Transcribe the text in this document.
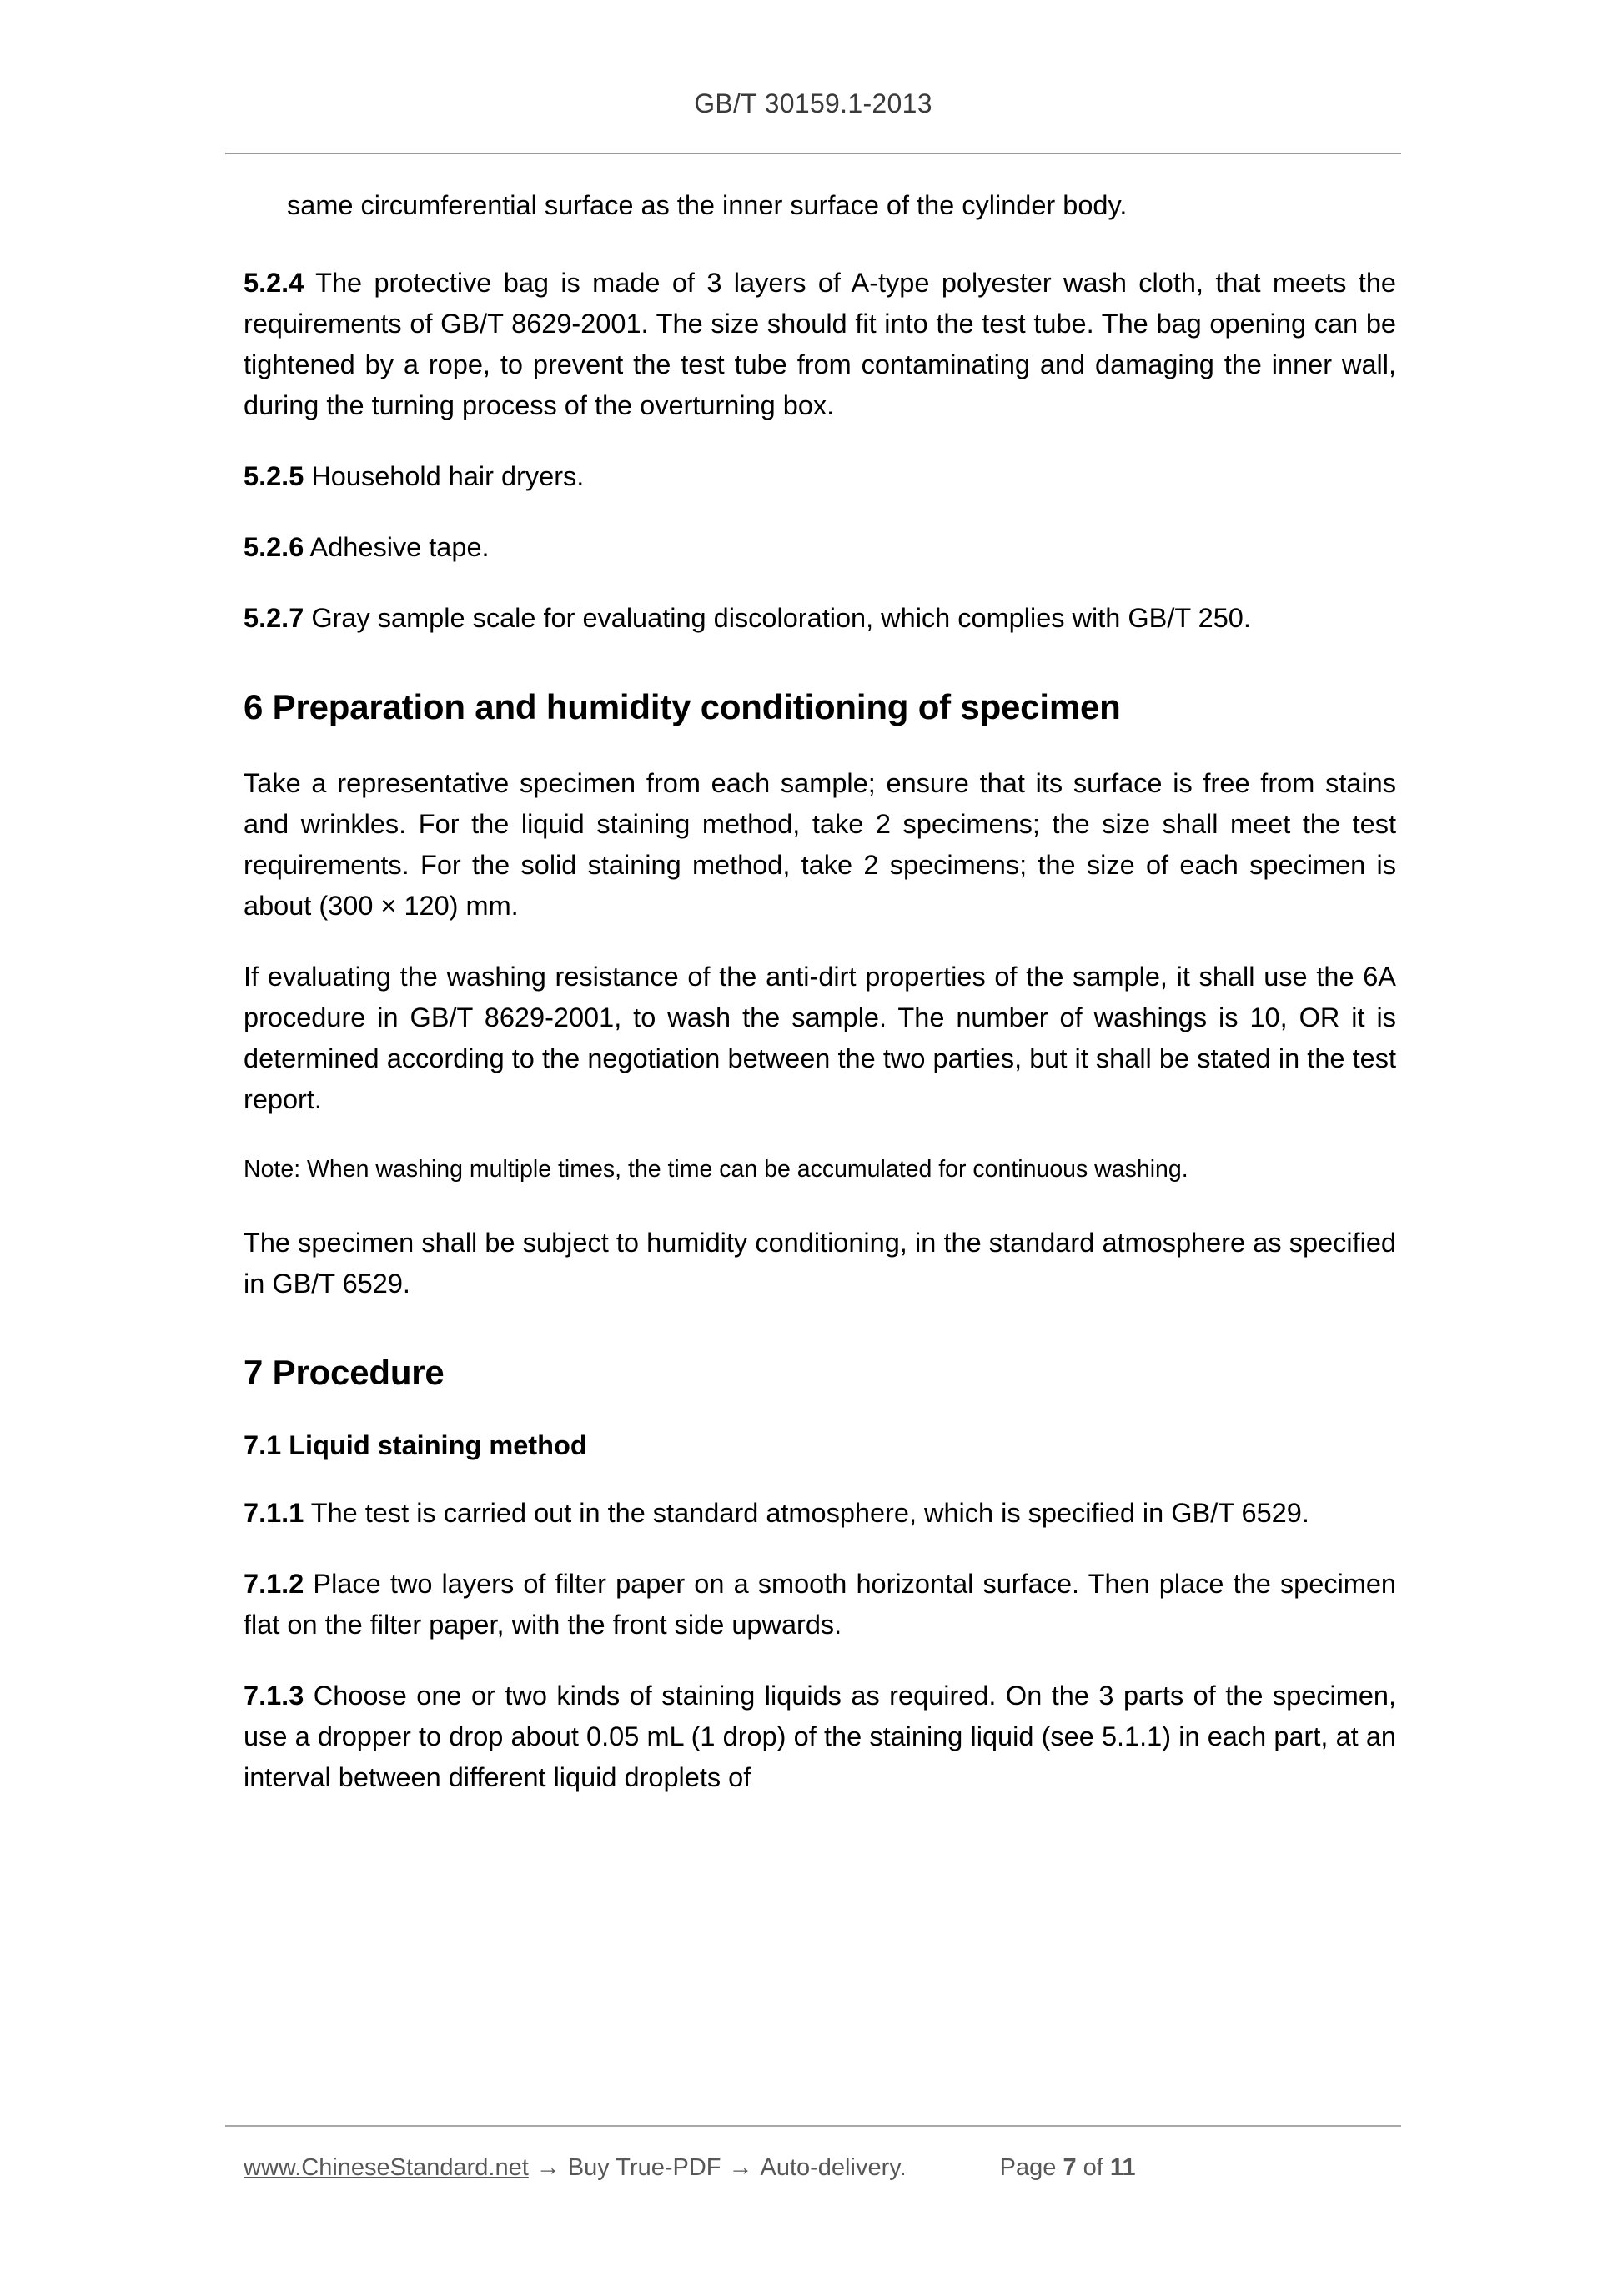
GB/T 30159.1-2013

same circumferential surface as the inner surface of the cylinder body.

5.2.4 The protective bag is made of 3 layers of A-type polyester wash cloth, that meets the requirements of GB/T 8629-2001. The size should fit into the test tube. The bag opening can be tightened by a rope, to prevent the test tube from contaminating and damaging the inner wall, during the turning process of the overturning box.

5.2.5 Household hair dryers.

5.2.6 Adhesive tape.

5.2.7 Gray sample scale for evaluating discoloration, which complies with GB/T 250.

6 Preparation and humidity conditioning of specimen

Take a representative specimen from each sample; ensure that its surface is free from stains and wrinkles. For the liquid staining method, take 2 specimens; the size shall meet the test requirements. For the solid staining method, take 2 specimens; the size of each specimen is about (300 × 120) mm.

If evaluating the washing resistance of the anti-dirt properties of the sample, it shall use the 6A procedure in GB/T 8629-2001, to wash the sample. The number of washings is 10, OR it is determined according to the negotiation between the two parties, but it shall be stated in the test report.

Note: When washing multiple times, the time can be accumulated for continuous washing.

The specimen shall be subject to humidity conditioning, in the standard atmosphere as specified in GB/T 6529.

7 Procedure
7.1 Liquid staining method

7.1.1 The test is carried out in the standard atmosphere, which is specified in GB/T 6529.

7.1.2 Place two layers of filter paper on a smooth horizontal surface. Then place the specimen flat on the filter paper, with the front side upwards.

7.1.3 Choose one or two kinds of staining liquids as required. On the 3 parts of the specimen, use a dropper to drop about 0.05 mL (1 drop) of the staining liquid (see 5.1.1) in each part, at an interval between different liquid droplets of

www.ChineseStandard.net → Buy True-PDF → Auto-delivery.	Page 7 of 11
